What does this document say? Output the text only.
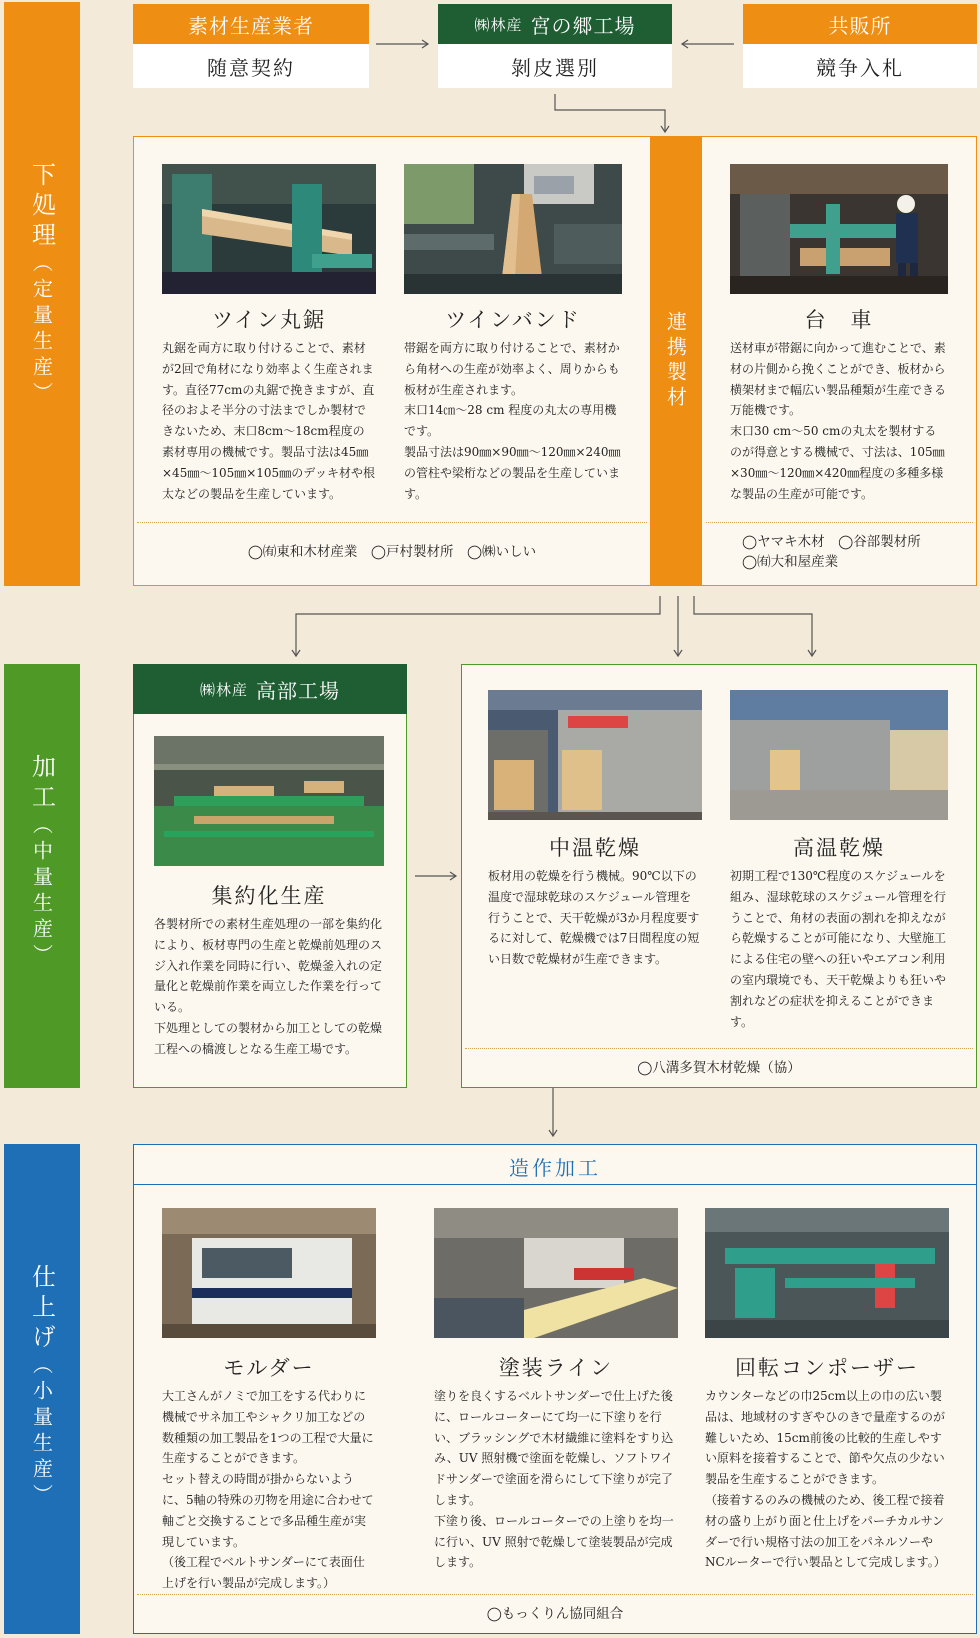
下処理（定量生産）
加工（中量生産）
仕上げ（小量生産）
素材生産業者
随意契約
㈱林産 宮の郷工場
剝皮選別
共販所
競争入札
連携製材
ツイン丸鋸

丸鋸を両方に取り付けることで、素材が2回で角材になり効率よく生産されます。直径77cmの丸鋸で挽きますが、直径のおよそ半分の寸法までしか製材できないため、末口8cm〜18cm程度の素材専用の機械です。製品寸法は45㎜×45㎜〜105㎜×105㎜のデッキ材や根太などの製品を生産しています。

ツインバンド

帯鋸を両方に取り付けることで、素材から角材への生産が効率よく、周りからも板材が生産されます。

末口14㎝〜28 cm 程度の丸太の専用機です。

製品寸法は90㎜×90㎜〜120㎜×240㎜の管柱や梁桁などの製品を生産しています。

台　車

送材車が帯鋸に向かって進むことで、素材の片側から挽くことができ、板材から横架材まで幅広い製品種類が生産できる万能機です。

末口30 cm〜50 cmの丸太を製材するのが得意とする機械で、寸法は、105㎜×30㎜〜120㎜×420㎜程度の多種多様な製品の生産が可能です。

◯㈲東和木材産業　◯戸村製材所　◯㈱いしい
◯ヤマキ木材　◯谷部製材所
◯㈲大和屋産業
㈱林産 高部工場
集約化生産

各製材所での素材生産処理の一部を集約化により、板材専門の生産と乾燥前処理のスジ入れ作業を同時に行い、乾燥釜入れの定量化と乾燥前作業を両立した作業を行っている。

下処理としての製材から加工としての乾燥工程への橋渡しとなる生産工場です。

中温乾燥

板材用の乾燥を行う機械。90℃以下の温度で湿球乾球のスケジュール管理を行うことで、天干乾燥が3か月程度要するに対して、乾燥機では7日間程度の短い日数で乾燥材が生産できます。

高温乾燥

初期工程で130℃程度のスケジュールを組み、湿球乾球のスケジュール管理を行うことで、角材の表面の割れを抑えながら乾燥することが可能になり、大壁施工による住宅の壁への狂いやエアコン利用の室内環境でも、天干乾燥よりも狂いや割れなどの症状を抑えることができます。

◯八溝多賀木材乾燥（協）
造作加工
モルダー

大工さんがノミで加工をする代わりに機械でサネ加工やシャクリ加工などの数種類の加工製品を1つの工程で大量に生産することができます。

セット替えの時間が掛からないように、5軸の特殊の刃物を用途に合わせて軸ごと交換することで多品種生産が実現しています。

（後工程でベルトサンダーにて表面仕上げを行い製品が完成します。）

塗装ライン

塗りを良くするベルトサンダーで仕上げた後に、ロールコーターにて均一に下塗りを行い、ブラッシングで木材繊維に塗料をすり込み、UV 照射機で塗面を乾燥し、ソフトワイドサンダーで塗面を滑らにして下塗りが完了します。

下塗り後、ロールコーターでの上塗りを均一に行い、UV 照射で乾燥して塗装製品が完成します。

回転コンポーザー

カウンターなどの巾25cm以上の巾の広い製品は、地域材のすぎやひのきで量産するのが難しいため、15cm前後の比較的生産しやすい原料を接着することで、節や欠点の少ない製品を生産することができます。

（接着するのみの機械のため、後工程で接着材の盛り上がり面と仕上げをパーチカルサンダーで行い規格寸法の加工をパネルソーやNCルーターで行い製品として完成します。）

◯もっくりん協同組合
